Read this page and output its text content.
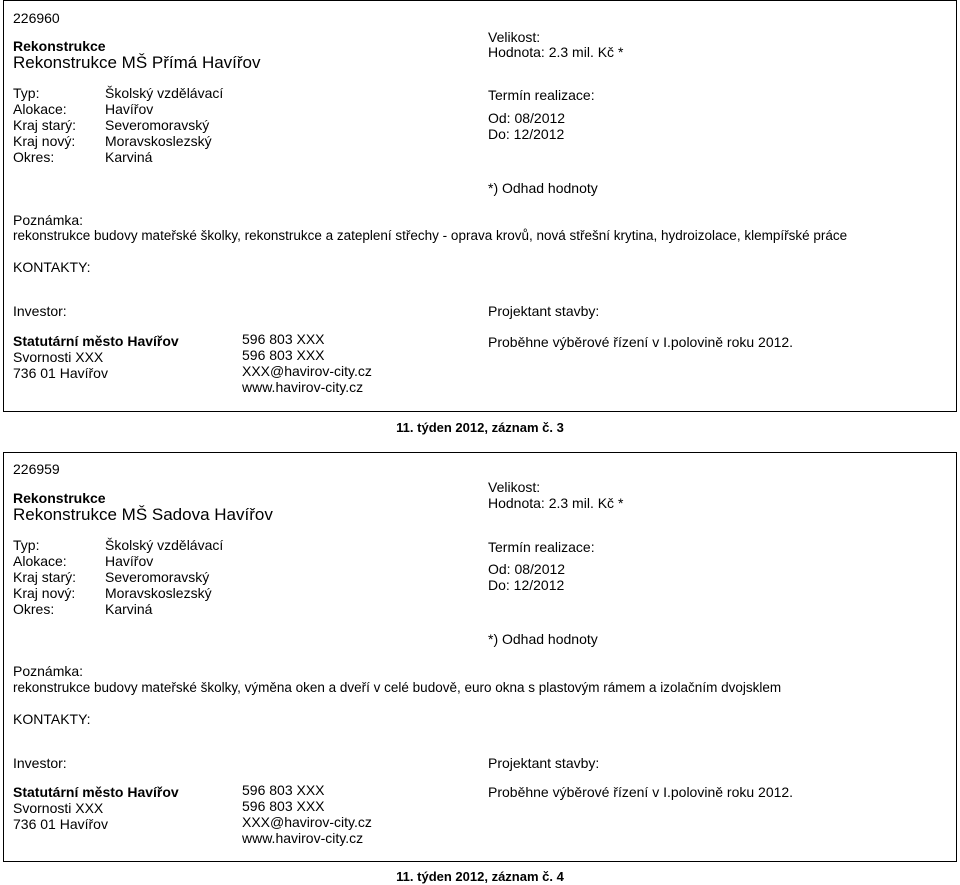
226960
Rekonstrukce
Rekonstrukce MŠ Přímá Havířov
Typ:	Školský vzdělávací
Alokace:	Havířov
Kraj starý: Severomoravský
Kraj nový: Moravskoslezský
Okres:	Karviná
Velikost:
Hodnota: 2.3 mil. Kč *
Termín realizace:
Od: 08/2012
Do: 12/2012
*) Odhad hodnoty
Poznámka:
rekonstrukce budovy mateřské školky, rekonstrukce a zateplení střechy - oprava krovů, nová střešní krytina, hydroizolace, klempířské práce
KONTAKTY:
Investor:
Statutární město Havířov
Svornosti XXX
736 01 Havířov
596 803 XXX
596 803 XXX
XXX@havirov-city.cz
www.havirov-city.cz
Projektant stavby:
Proběhne výběrové řízení v I.polovině roku 2012.
11. týden 2012, záznam č. 3
226959
Rekonstrukce
Rekonstrukce MŠ Sadova Havířov
Typ:	Školský vzdělávací
Alokace:	Havířov
Kraj starý: Severomoravský
Kraj nový: Moravskoslezský
Okres:	Karviná
Velikost:
Hodnota: 2.3 mil. Kč *
Termín realizace:
Od: 08/2012
Do: 12/2012
*) Odhad hodnoty
Poznámka:
rekonstrukce budovy mateřské školky, výměna oken a dveří v celé budově, euro okna s plastovým rámem a izolačním dvojsklem
KONTAKTY:
Investor:
Statutární město Havířov
Svornosti XXX
736 01 Havířov
596 803 XXX
596 803 XXX
XXX@havirov-city.cz
www.havirov-city.cz
Projektant stavby:
Proběhne výběrové řízení v I.polovině roku 2012.
11. týden 2012, záznam č. 4
